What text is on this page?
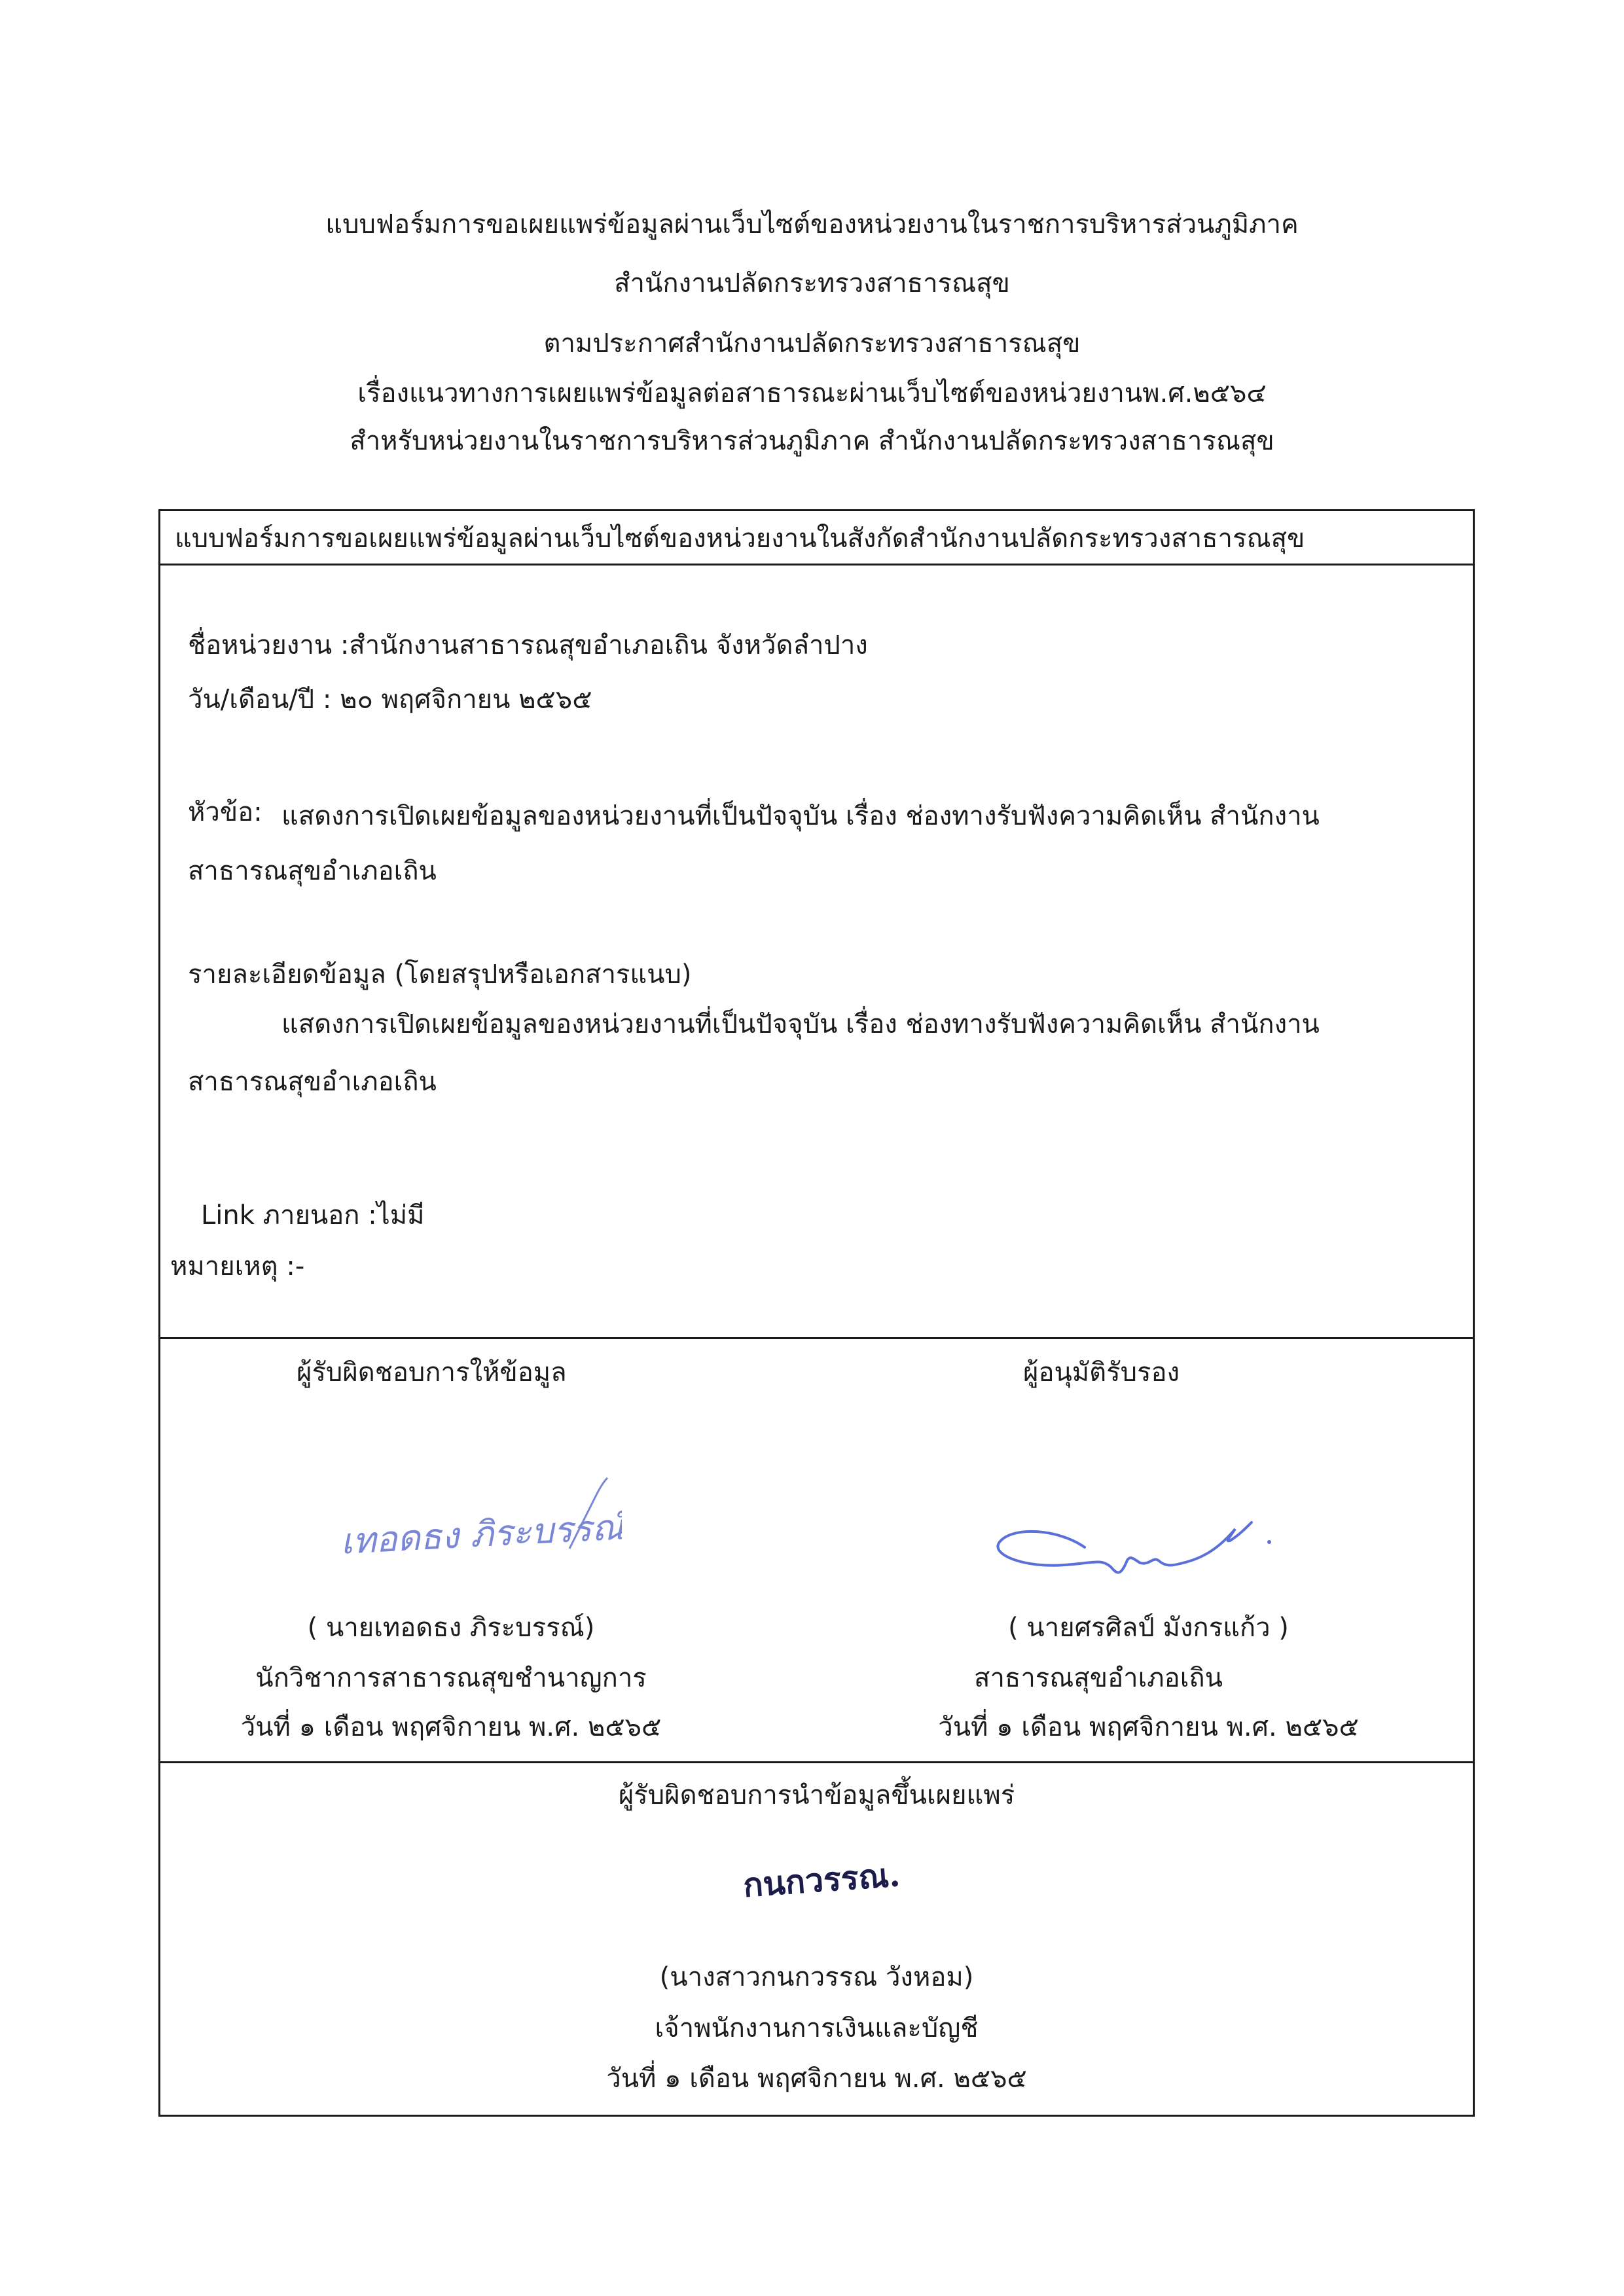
แบบฟอร์มการขอเผยแพร่ข้อมูลผ่านเว็บไซต์ของหน่วยงานในราชการบริหารส่วนภูมิภาค
สำนักงานปลัดกระทรวงสาธารณสุข
ตามประกาศสำนักงานปลัดกระทรวงสาธารณสุข
เรื่องแนวทางการเผยแพร่ข้อมูลต่อสาธารณะผ่านเว็บไซต์ของหน่วยงานพ.ศ.๒๕๖๔
สำหรับหน่วยงานในราชการบริหารส่วนภูมิภาค สำนักงานปลัดกระทรวงสาธารณสุข
แบบฟอร์มการขอเผยแพร่ข้อมูลผ่านเว็บไซต์ของหน่วยงานในสังกัดสำนักงานปลัดกระทรวงสาธารณสุข
ชื่อหน่วยงาน :สำนักงานสาธารณสุขอำเภอเถิน จังหวัดลำปาง
วัน/เดือน/ปี : ๒๐ พฤศจิกายน ๒๕๖๕
หัวข้อ: แสดงการเปิดเผยข้อมูลของหน่วยงานที่เป็นปัจจุบัน เรื่อง ช่องทางรับฟังความคิดเห็น สำนักงาน
สาธารณสุขอำเภอเถิน
รายละเอียดข้อมูล (โดยสรุปหรือเอกสารแนบ)
แสดงการเปิดเผยข้อมูลของหน่วยงานที่เป็นปัจจุบัน เรื่อง ช่องทางรับฟังความคิดเห็น สำนักงาน
สาธารณสุขอำเภอเถิน
Link ภายนอก :ไม่มี
หมายเหตุ :-
ผู้รับผิดชอบการให้ข้อมูล
เทอดธง ภิระบรรณ์
( นายเทอดธง ภิระบรรณ์)
นักวิชาการสาธารณสุขชำนาญการ
วันที่ ๑ เดือน พฤศจิกายน พ.ศ. ๒๕๖๕
ผู้อนุมัติรับรอง
( นายศรศิลป์ มังกรแก้ว )
สาธารณสุขอำเภอเถิน
วันที่ ๑ เดือน พฤศจิกายน พ.ศ. ๒๕๖๕
ผู้รับผิดชอบการนำข้อมูลขึ้นเผยแพร่
กนกวรรณ.
(นางสาวกนกวรรณ วังหอม)
เจ้าพนักงานการเงินและบัญชี
วันที่ ๑ เดือน พฤศจิกายน พ.ศ. ๒๕๖๕
